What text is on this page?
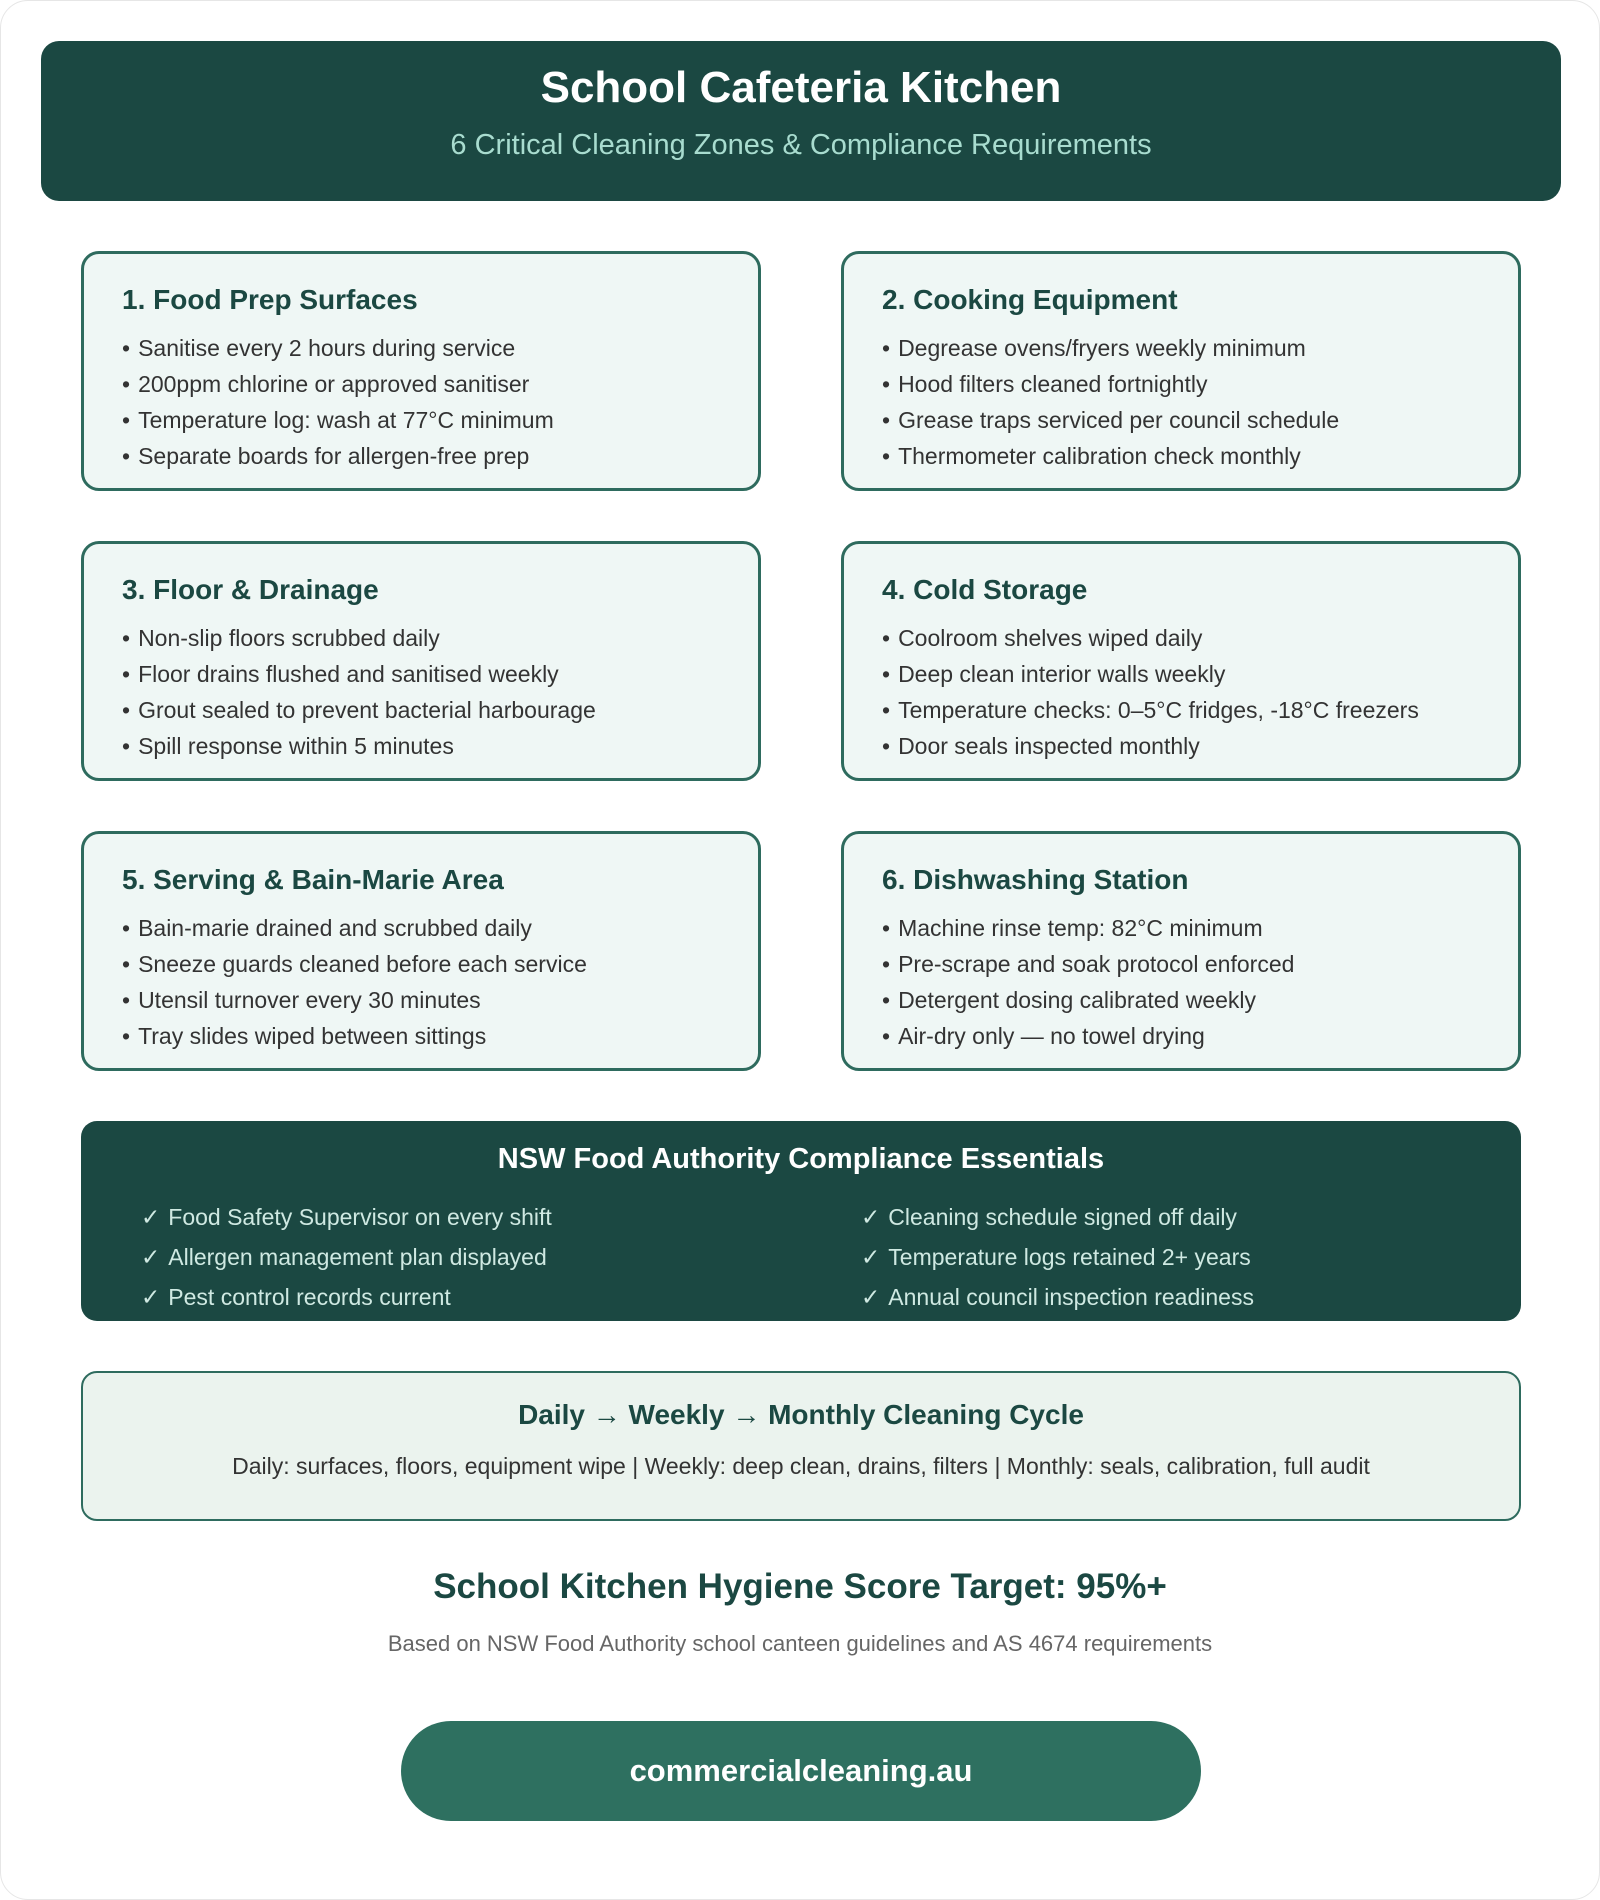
School Cafeteria Kitchen
6 Critical Cleaning Zones & Compliance Requirements
1. Food Prep Surfaces
• Sanitise every 2 hours during service
• 200ppm chlorine or approved sanitiser
• Temperature log: wash at 77°C minimum
• Separate boards for allergen-free prep
2. Cooking Equipment
• Degrease ovens/fryers weekly minimum
• Hood filters cleaned fortnightly
• Grease traps serviced per council schedule
• Thermometer calibration check monthly
3. Floor & Drainage
• Non-slip floors scrubbed daily
• Floor drains flushed and sanitised weekly
• Grout sealed to prevent bacterial harbourage
• Spill response within 5 minutes
4. Cold Storage
• Coolroom shelves wiped daily
• Deep clean interior walls weekly
• Temperature checks: 0–5°C fridges, -18°C freezers
• Door seals inspected monthly
5. Serving & Bain-Marie Area
• Bain-marie drained and scrubbed daily
• Sneeze guards cleaned before each service
• Utensil turnover every 30 minutes
• Tray slides wiped between sittings
6. Dishwashing Station
• Machine rinse temp: 82°C minimum
• Pre-scrape and soak protocol enforced
• Detergent dosing calibrated weekly
• Air-dry only — no towel drying
NSW Food Authority Compliance Essentials
✓ Food Safety Supervisor on every shift	✓ Cleaning schedule signed off daily
✓ Allergen management plan displayed	✓ Temperature logs retained 2+ years
✓ Pest control records current	✓ Annual council inspection readiness
Daily → Weekly → Monthly Cleaning Cycle
Daily: surfaces, floors, equipment wipe | Weekly: deep clean, drains, filters | Monthly: seals, calibration, full audit
School Kitchen Hygiene Score Target: 95%+
Based on NSW Food Authority school canteen guidelines and AS 4674 requirements
commercialcleaning.au
